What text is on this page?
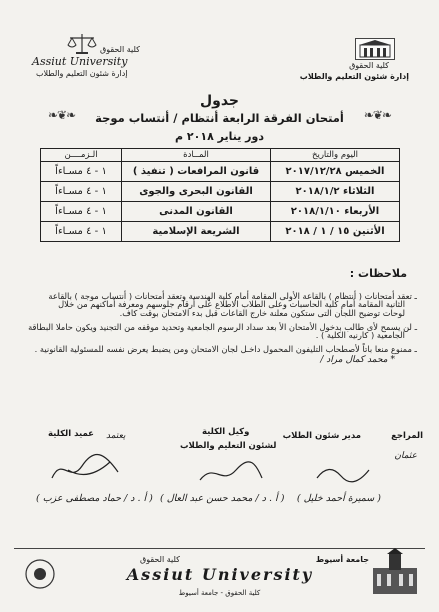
كلية الحقوق
إدارة شئون التعليم والطلاب
كلية الحقوق
Assiut University
إدارة شئون التعليم والطلاب
جدول
❧❦❧	❧❦❧
أمتحان الفرقة الرابعة أنتظام / أنتساب موجة
دور يناير ٢٠١٨ م
اليوم والتاريخ	المــادة	الـزمــــن
الخميس ٢٠١٧/١٢/٢٨	قانون المرافعات ( تنفيذ )	١ - ٤ مسـاءاً
الثلاثاء ٢٠١٨/١/٢	القانون البحرى والجوى	١ - ٤ مسـاءاً
الأربعاء ٢٠١٨/١/١٠	القانون المدنى	١ - ٤ مسـاءاً
الأثنين ١٥ / ١ / ٢٠١٨	الشريعة الإسلامية	١ - ٤ مسـاءاً
ملاحظات :
ـ تعقد أمتحانات ( أنتظام ) بالقاعة الأولى المقامة أمام كلية الهندسة وتعقد أمتحانات ( أنتساب موجة ) بالقاعة
الثانية المقامة أمام كلية الحاسبات وعلى الطلاب الاطلاع على أرقام جلوسهم ومعرفة أماكنهم من خلال
لوحات توضيح اللجان التى ستكون معلنة خارج القاعات قبل بدء الامتحان بوقت كاف.
ـ لن يسمح لأى طالب بدخول الأمتحان الأ بعد سداد الرسوم الجامعية وتحديد موقفه من التجنيد ويكون حاملا البطاقة
الجامعية ( كارنيه الكلية ) .
ـ ممنوع منعا باتاً لأصطحاب التليفون المحمول داخـل لجان الامتحان ومن يضبط يعرض نفسه للمسئولية القانونية .
* محمد كمال مراد /
المراجع
عثمان
مدير شئون الطلاب
وكيل الكلية
لشئون التعليم والطلاب
عميد الكلية يعتمد
( سميرة أحمد خليل )
( أ . د / محمد حسن عبد العال )
( أ . د / حماد مصطفى عزب )
كلية الحقوق	جامعة أسيوط
Assiut University
كلية الحقوق - جامعة أسيوط
